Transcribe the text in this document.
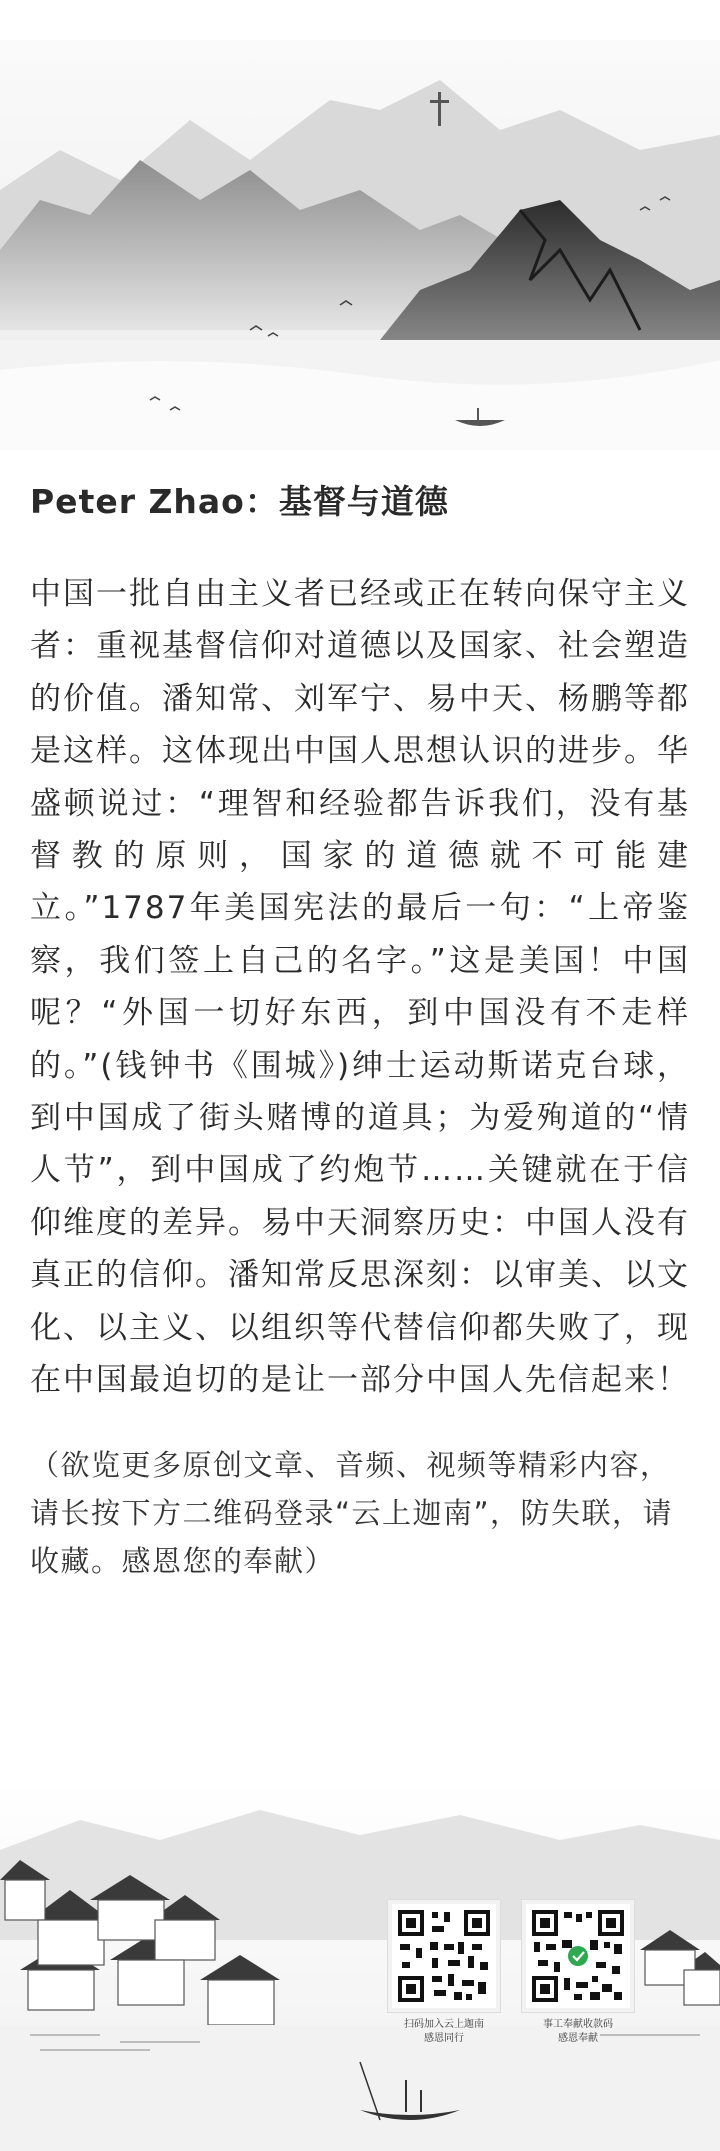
Peter Zhao：基督与道德

中国一批自由主义者已经或正在转向保守主义者：重视基督信仰对道德以及国家、社会塑造的价值。潘知常、刘军宁、易中天、杨鹏等都是这样。这体现出中国人思想认识的进步。华盛顿说过：“理智和经验都告诉我们，没有基督教的原则，国家的道德就不可能建立。”1787年美国宪法的最后一句：“上帝鉴察，我们签上自己的名字。”这是美国！中国呢？“外国一切好东西，到中国没有不走样的。”(钱钟书《围城》)绅士运动斯诺克台球，到中国成了街头赌博的道具；为爱殉道的“情人节”，到中国成了约炮节……关键就在于信仰维度的差异。易中天洞察历史：中国人没有真正的信仰。潘知常反思深刻：以审美、以文化、以主义、以组织等代替信仰都失败了，现在中国最迫切的是让一部分中国人先信起来！

（欲览更多原创文章、音频、视频等精彩内容，请长按下方二维码登录“云上迦南”，防失联，请收藏。感恩您的奉献）

扫码加入云上迦南
感恩同行
事工奉献收款码
感恩奉献
